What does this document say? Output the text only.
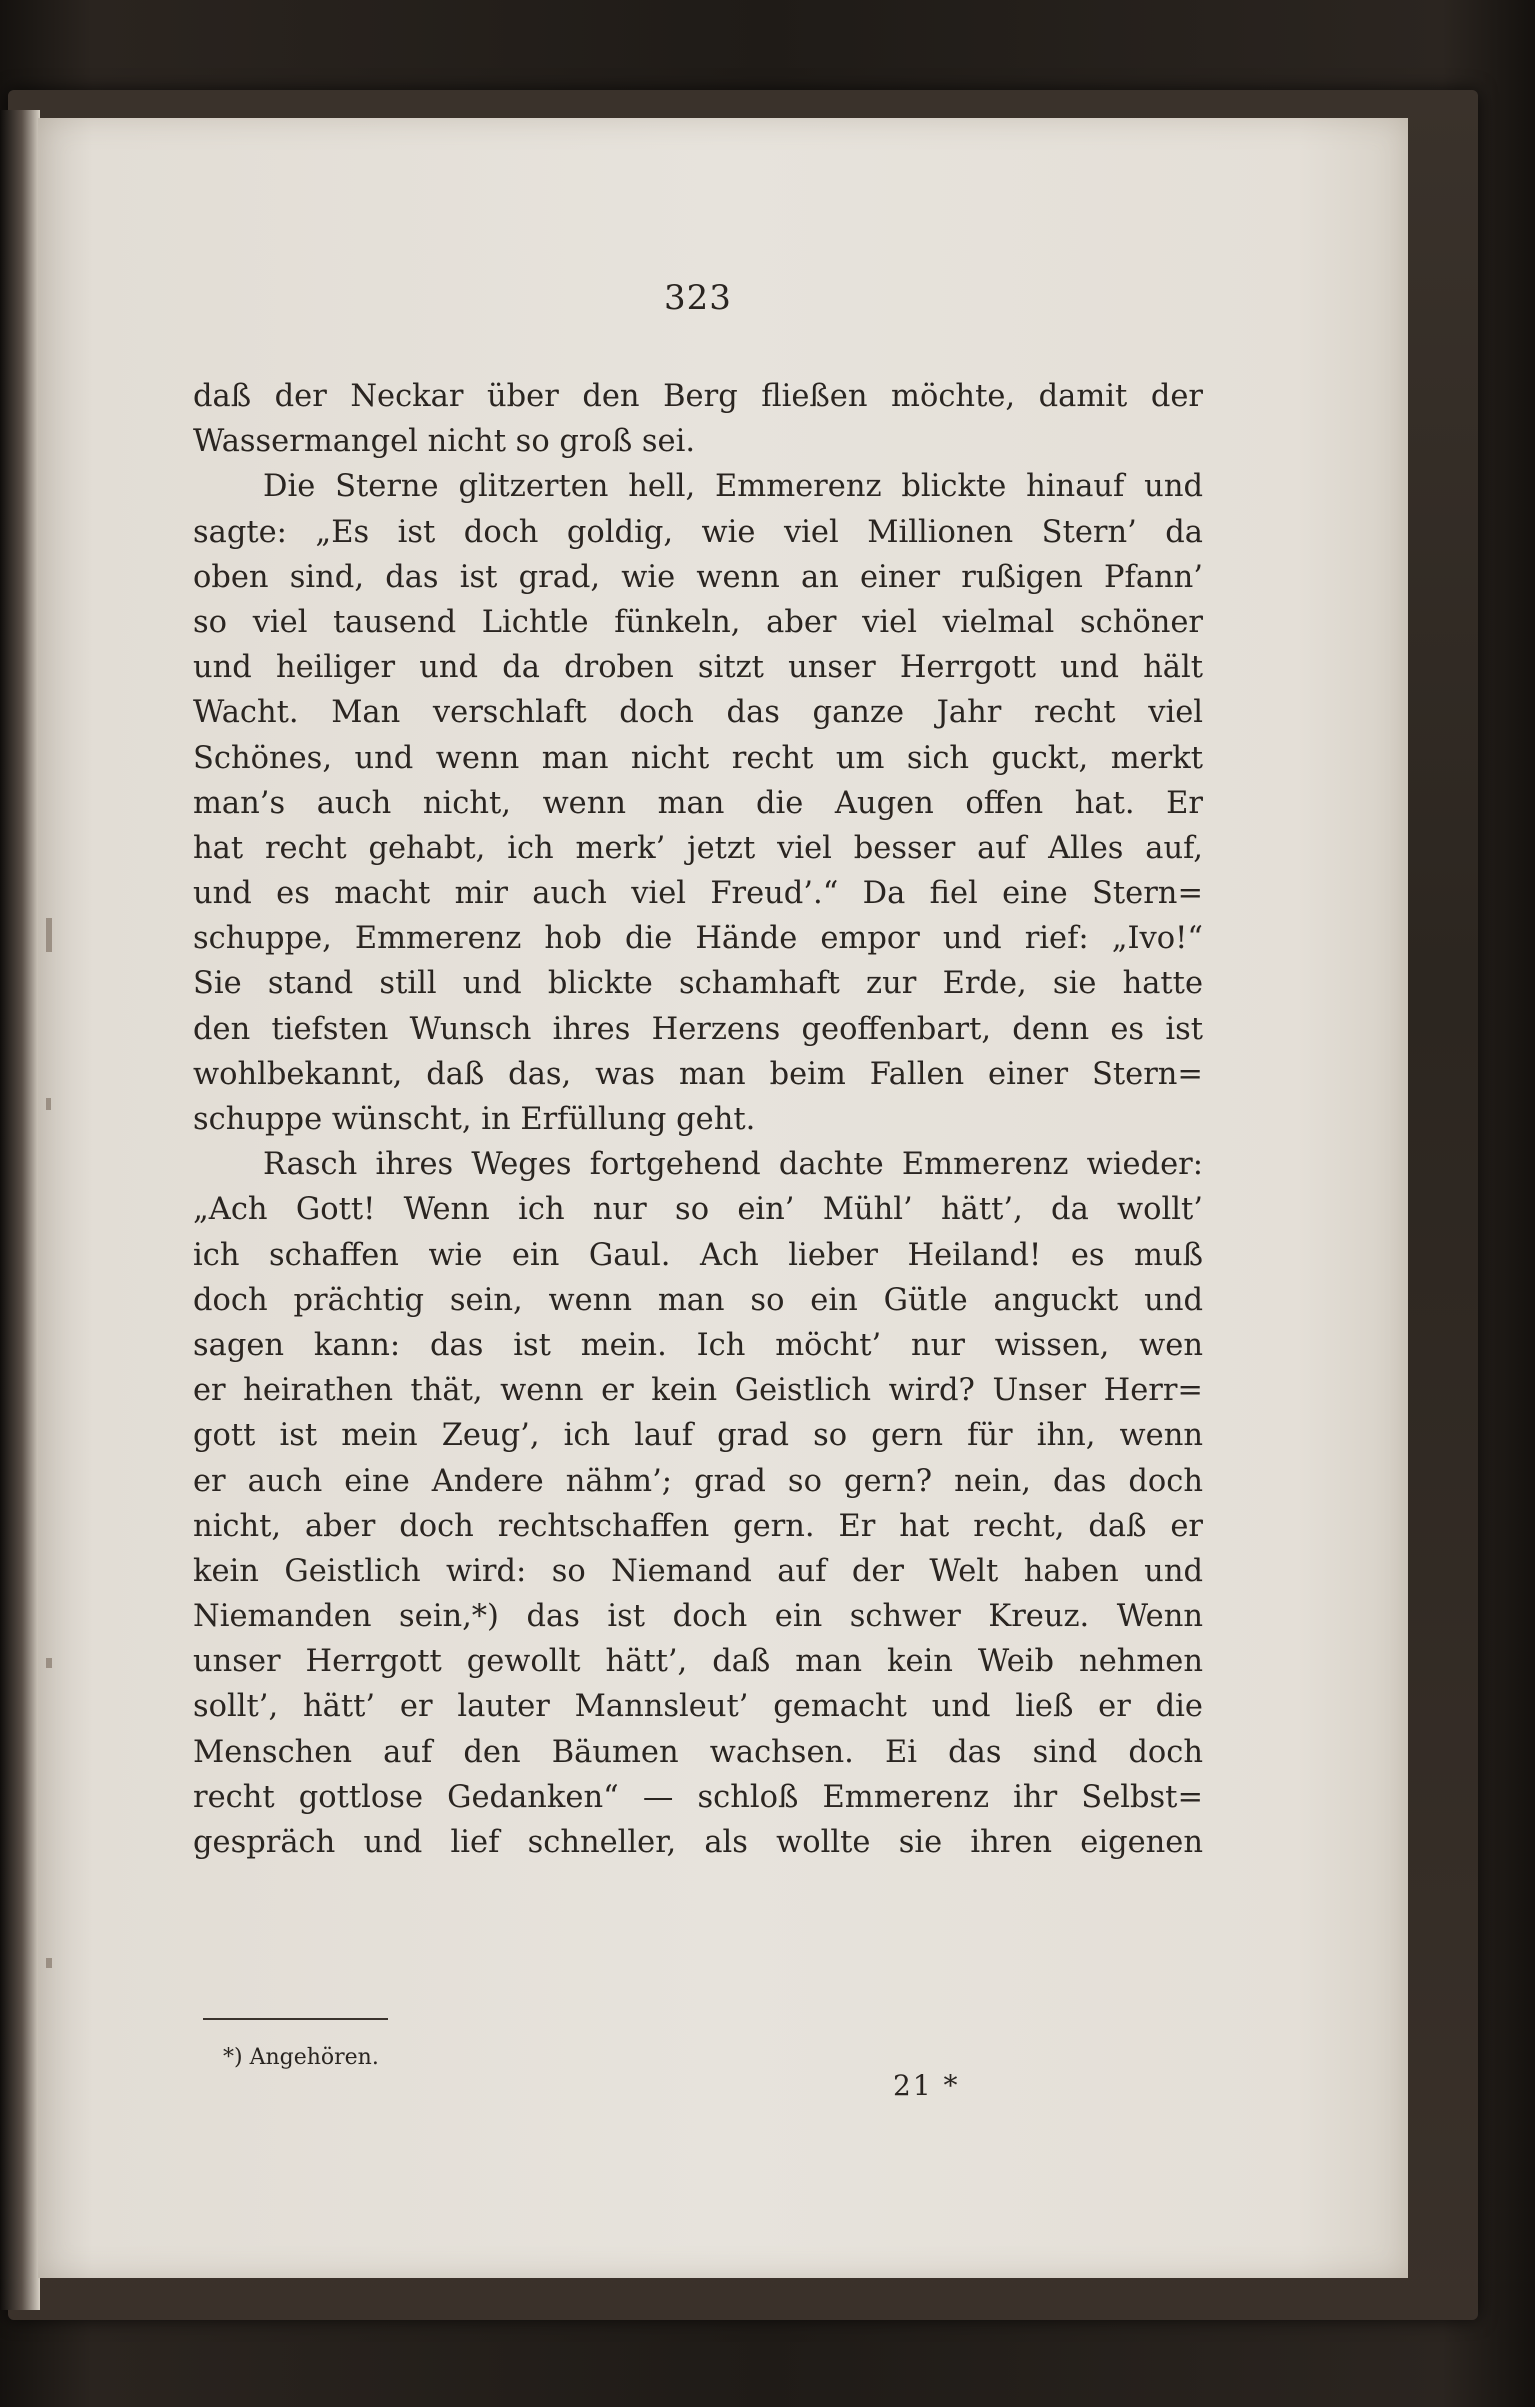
323
daß der Neckar über den Berg fließen möchte, damit der
Wassermangel nicht so groß sei.
Die Sterne glitzerten hell, Emmerenz blickte hinauf und
sagte: „Es ist doch goldig, wie viel Millionen Stern’ da
oben sind, das ist grad, wie wenn an einer rußigen Pfann’
so viel tausend Lichtle fünkeln, aber viel vielmal schöner
und heiliger und da droben sitzt unser Herrgott und hält
Wacht. Man verschlaft doch das ganze Jahr recht viel
Schönes, und wenn man nicht recht um sich guckt, merkt
man’s auch nicht, wenn man die Augen offen hat. Er
hat recht gehabt, ich merk’ jetzt viel besser auf Alles auf,
und es macht mir auch viel Freud’.“ Da fiel eine Stern=
schuppe, Emmerenz hob die Hände empor und rief: „Ivo!“
Sie stand still und blickte schamhaft zur Erde, sie hatte
den tiefsten Wunsch ihres Herzens geoffenbart, denn es ist
wohlbekannt, daß das, was man beim Fallen einer Stern=
schuppe wünscht, in Erfüllung geht.
Rasch ihres Weges fortgehend dachte Emmerenz wieder:
„Ach Gott! Wenn ich nur so ein’ Mühl’ hätt’, da wollt’
ich schaffen wie ein Gaul. Ach lieber Heiland! es muß
doch prächtig sein, wenn man so ein Gütle anguckt und
sagen kann: das ist mein. Ich möcht’ nur wissen, wen
er heirathen thät, wenn er kein Geistlich wird? Unser Herr=
gott ist mein Zeug’, ich lauf grad so gern für ihn, wenn
er auch eine Andere nähm’; grad so gern? nein, das doch
nicht, aber doch rechtschaffen gern. Er hat recht, daß er
kein Geistlich wird: so Niemand auf der Welt haben und
Niemanden sein,*) das ist doch ein schwer Kreuz. Wenn
unser Herrgott gewollt hätt’, daß man kein Weib nehmen
sollt’, hätt’ er lauter Mannsleut’ gemacht und ließ er die
Menschen auf den Bäumen wachsen. Ei das sind doch
recht gottlose Gedanken“ — schloß Emmerenz ihr Selbst=
gespräch und lief schneller, als wollte sie ihren eigenen
*) Angehören.
21 *
